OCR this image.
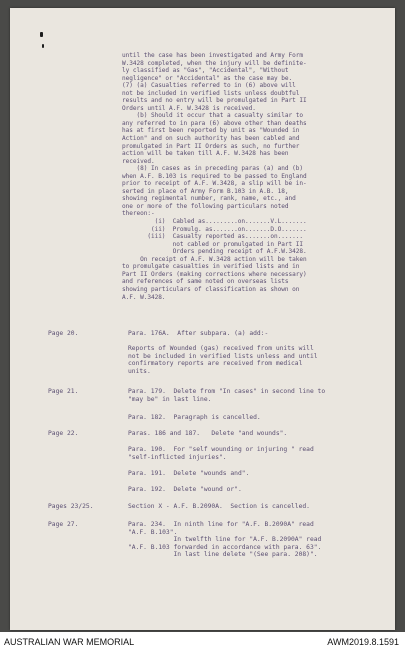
until the case has been investigated and Army Form
W.3428 completed, when the injury will be definite-
ly classified as "Gas", "Accidental", "Without
negligence" or "Accidental" as the case may be.
(7) (a) Casualties referred to in (6) above will
not be included in verified lists unless doubtful
results and no entry will be promulgated in Part II
Orders until A.F. W.3428 is received.
(b) Should it occur that a casualty similar to
any referred to in para (6) above other than deaths
has at first been reported by unit as "Wounded in
Action" and on such authority has been cabled and
promulgated in Part II Orders as such, no further
action will be taken till A.F. W.3428 has been
received.
(8) In cases as in preceding paras (a) and (b)
when A.F. B.103 is required to be passed to England
prior to receipt of A.F. W.3428, a slip will be in-
serted in place of Army Form B.103 in A.B. 18,
showing regimental number, rank, name, etc., and
one or more of the following particulars noted
thereon:-
(i)  Cabled as.........on.......V.L.......
(ii)  Promulg. as.......on.......D.O.......
(iii)  Casualty reported as.......on.......
not cabled or promulgated in Part II
Orders pending receipt of A.F.W.3428.
On receipt of A.F. W.3428 action will be taken
to promulgate casualties in verified lists and in
Part II Orders (making corrections where necessary)
and references of same noted on overseas lists
showing particulars of classification as shown on
A.F. W.3428.
Page 20.	Para. 176A.  After subpara. (a) add:-
Reports of Wounded (gas) received from units will
not be included in verified lists unless and until
confirmatory reports are received from medical
units.
Page 21.	Para. 179.  Delete from "In cases" in second line to
"may be" in last line.
Para. 182.  Paragraph is cancelled.
Page 22.	Paras. 186 and 187.   Delete "and wounds".
Para. 190.  For "self wounding or injuring " read
"self-inflicted injuries".
Para. 191.  Delete "wounds and".
Para. 192.  Delete "wound or".
Pages 23/25.	Section X - A.F. B.2090A.  Section is cancelled.
Page 27.	Para. 234.  In ninth line for "A.F. B.2090A" read
"A.F. B.103".
In twelfth line for "A.F. B.2090A" read
"A.F. B.103 forwarded in accordance with para. 63".
In last line delete "(See para. 208)".
AUSTRALIAN WAR MEMORIAL	AWM2019.8.1591
